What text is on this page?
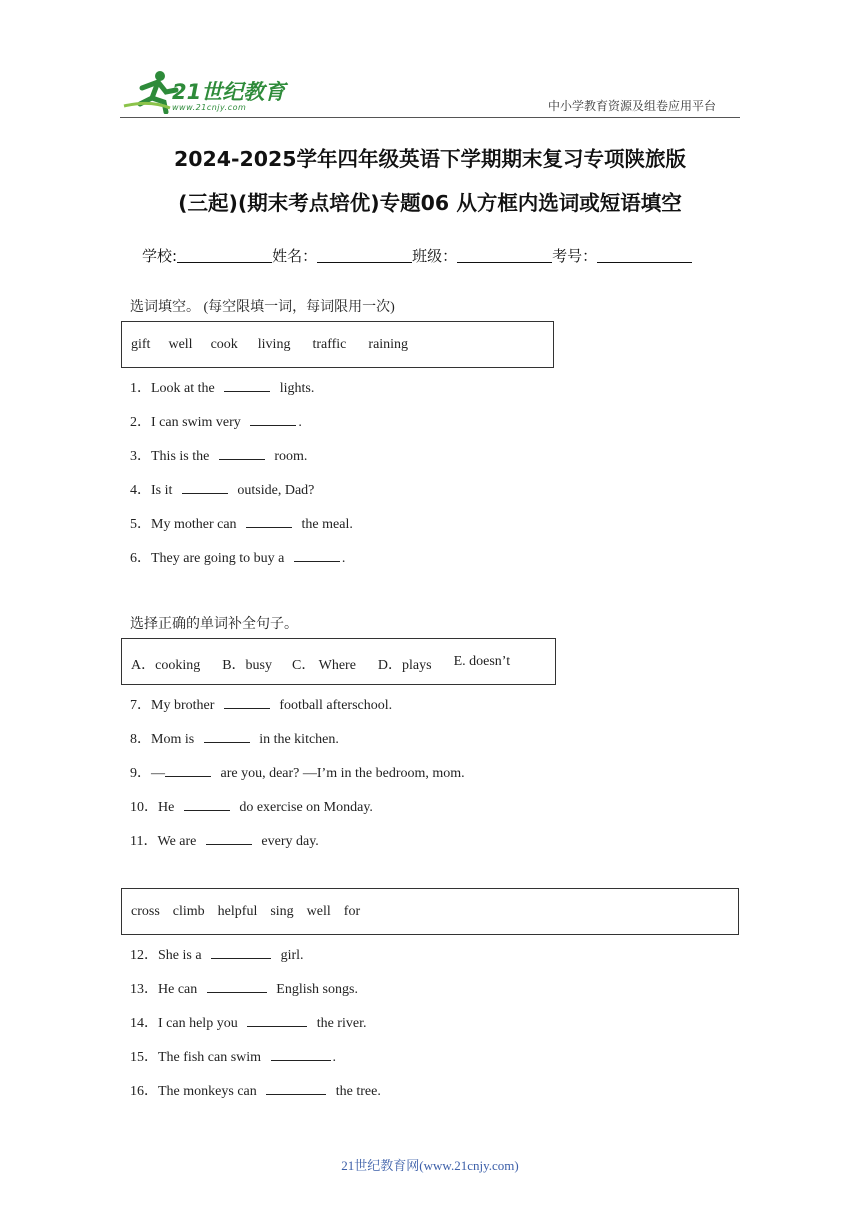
21世纪教育
www.21cnjy.com	中小学教育资源及组卷应用平台
2024-2025学年四年级英语下学期期末复习专项陕旅版
(三起)(期末考点培优)专题06 从方框内选词或短语填空
学校:	姓名：	班级：	考号：
选词填空。 (每空限填一词，每词限用一次)
gift well cook living traffic raining
1．Look at the	lights.
2．I can swim very	.
3．This is the	room.
4．Is it	outside, Dad?
5．My mother can	the meal.
6．They are going to buy a	.
选择正确的单词补全句子。
A．cooking B．busy C． Where D．plays E. doesn’t
7．My brother	football afterschool.
8．Mom is	in the kitchen.
9．—	are you, dear? —I’m in the bedroom, mom.
10．He	do exercise on Monday.
11．We are	every day.
cross climb helpful sing well for
12．She is a	girl.
13．He can	English songs.
14．I can help you	the river.
15．The fish can swim	.
16．The monkeys can	the tree.
21世纪教育网(www.21cnjy.com)
